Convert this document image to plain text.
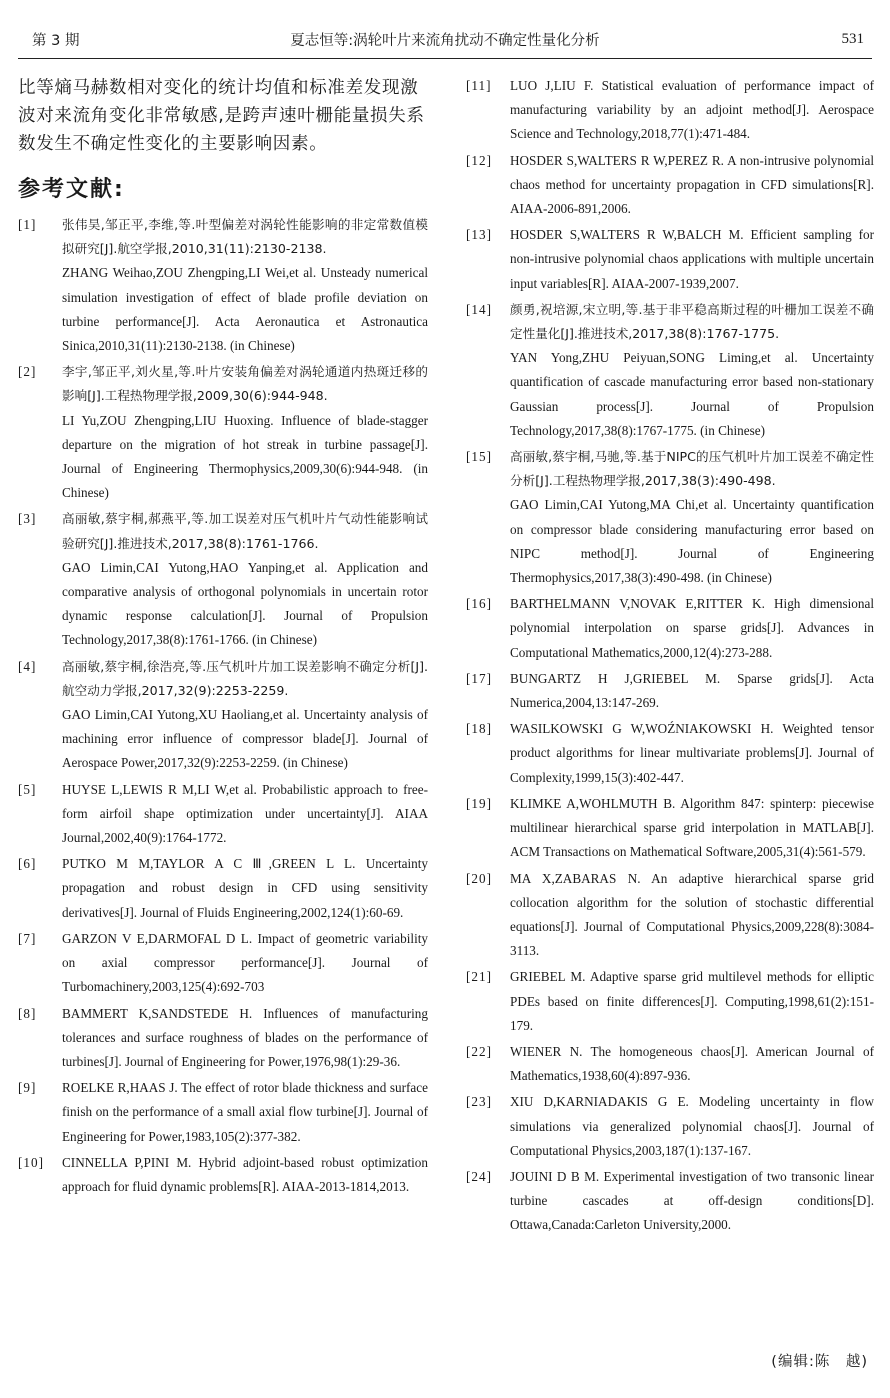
第 3 期	夏志恒等:涡轮叶片来流角扰动不确定性量化分析	531

比等熵马赫数相对变化的统计均值和标准差发现激波对来流角变化非常敏感,是跨声速叶栅能量损失系数发生不确定性变化的主要影响因素。

参考文献:
[1] 张伟昊,邹正平,李维,等.叶型偏差对涡轮性能影响的非定常数值模拟研究[J].航空学报,2010,31(11):2130-2138.
ZHANG Weihao,ZOU Zhengping,LI Wei,et al. Unsteady numerical simulation investigation of effect of blade profile deviation on turbine performance[J]. Acta Aeronautica et Astronautica Sinica,2010,31(11):2130-2138. (in Chinese)
[2] 李宇,邹正平,刘火星,等.叶片安装角偏差对涡轮通道内热斑迁移的影响[J].工程热物理学报,2009,30(6):944-948.
LI Yu,ZOU Zhengping,LIU Huoxing. Influence of blade-stagger departure on the migration of hot streak in turbine passage[J]. Journal of Engineering Thermophysics,2009,30(6):944-948. (in Chinese)
[3] 高丽敏,蔡宇桐,郝燕平,等.加工误差对压气机叶片气动性能影响试验研究[J].推进技术,2017,38(8):1761-1766.
GAO Limin,CAI Yutong,HAO Yanping,et al. Application and comparative analysis of orthogonal polynomials in uncertain rotor dynamic response calculation[J]. Journal of Propulsion Technology,2017,38(8):1761-1766. (in Chinese)
[4] 高丽敏,蔡宇桐,徐浩亮,等.压气机叶片加工误差影响不确定分析[J].航空动力学报,2017,32(9):2253-2259.
GAO Limin,CAI Yutong,XU Haoliang,et al. Uncertainty analysis of machining error influence of compressor blade[J]. Journal of Aerospace Power,2017,32(9):2253-2259. (in Chinese)
[5] HUYSE L,LEWIS R M,LI W,et al. Probabilistic approach to free-form airfoil shape optimization under uncertainty[J]. AIAA Journal,2002,40(9):1764-1772.
[6] PUTKO M M,TAYLOR A C Ⅲ,GREEN L L. Uncertainty propagation and robust design in CFD using sensitivity derivatives[J]. Journal of Fluids Engineering,2002,124(1):60-69.
[7] GARZON V E,DARMOFAL D L. Impact of geometric variability on axial compressor performance[J]. Journal of Turbomachinery,2003,125(4):692-703
[8] BAMMERT K,SANDSTEDE H. Influences of manufacturing tolerances and surface roughness of blades on the performance of turbines[J]. Journal of Engineering for Power,1976,98(1):29-36.
[9] ROELKE R,HAAS J. The effect of rotor blade thickness and surface finish on the performance of a small axial flow turbine[J]. Journal of Engineering for Power,1983,105(2):377-382.
[10] CINNELLA P,PINI M. Hybrid adjoint-based robust optimization approach for fluid dynamic problems[R]. AIAA-2013-1814,2013.
[11] LUO J,LIU F. Statistical evaluation of performance impact of manufacturing variability by an adjoint method[J]. Aerospace Science and Technology,2018,77(1):471-484.
[12] HOSDER S,WALTERS R W,PEREZ R. A non-intrusive polynomial chaos method for uncertainty propagation in CFD simulations[R]. AIAA-2006-891,2006.
[13] HOSDER S,WALTERS R W,BALCH M. Efficient sampling for non-intrusive polynomial chaos applications with multiple uncertain input variables[R]. AIAA-2007-1939,2007.
[14] 颜勇,祝培源,宋立明,等.基于非平稳高斯过程的叶栅加工误差不确定性量化[J].推进技术,2017,38(8):1767-1775.
YAN Yong,ZHU Peiyuan,SONG Liming,et al. Uncertainty quantification of cascade manufacturing error based non-stationary Gaussian process[J]. Journal of Propulsion Technology,2017,38(8):1767-1775. (in Chinese)
[15] 高丽敏,蔡宇桐,马驰,等.基于NIPC的压气机叶片加工误差不确定性分析[J].工程热物理学报,2017,38(3):490-498.
GAO Limin,CAI Yutong,MA Chi,et al. Uncertainty quantification on compressor blade considering manufacturing error based on NIPC method[J]. Journal of Engineering Thermophysics,2017,38(3):490-498. (in Chinese)
[16] BARTHELMANN V,NOVAK E,RITTER K. High dimensional polynomial interpolation on sparse grids[J]. Advances in Computational Mathematics,2000,12(4):273-288.
[17] BUNGARTZ H J,GRIEBEL M. Sparse grids[J]. Acta Numerica,2004,13:147-269.
[18] WASILKOWSKI G W,WOŹNIAKOWSKI H. Weighted tensor product algorithms for linear multivariate problems[J]. Journal of Complexity,1999,15(3):402-447.
[19] KLIMKE A,WOHLMUTH B. Algorithm 847: spinterp: piecewise multilinear hierarchical sparse grid interpolation in MATLAB[J]. ACM Transactions on Mathematical Software,2005,31(4):561-579.
[20] MA X,ZABARAS N. An adaptive hierarchical sparse grid collocation algorithm for the solution of stochastic differential equations[J]. Journal of Computational Physics,2009,228(8):3084-3113.
[21] GRIEBEL M. Adaptive sparse grid multilevel methods for elliptic PDEs based on finite differences[J]. Computing,1998,61(2):151-179.
[22] WIENER N. The homogeneous chaos[J]. American Journal of Mathematics,1938,60(4):897-936.
[23] XIU D,KARNIADAKIS G E. Modeling uncertainty in flow simulations via generalized polynomial chaos[J]. Journal of Computational Physics,2003,187(1):137-167.
[24] JOUINI D B M. Experimental investigation of two transonic linear turbine cascades at off-design conditions[D]. Ottawa,Canada:Carleton University,2000.
(编辑:陈　越)
